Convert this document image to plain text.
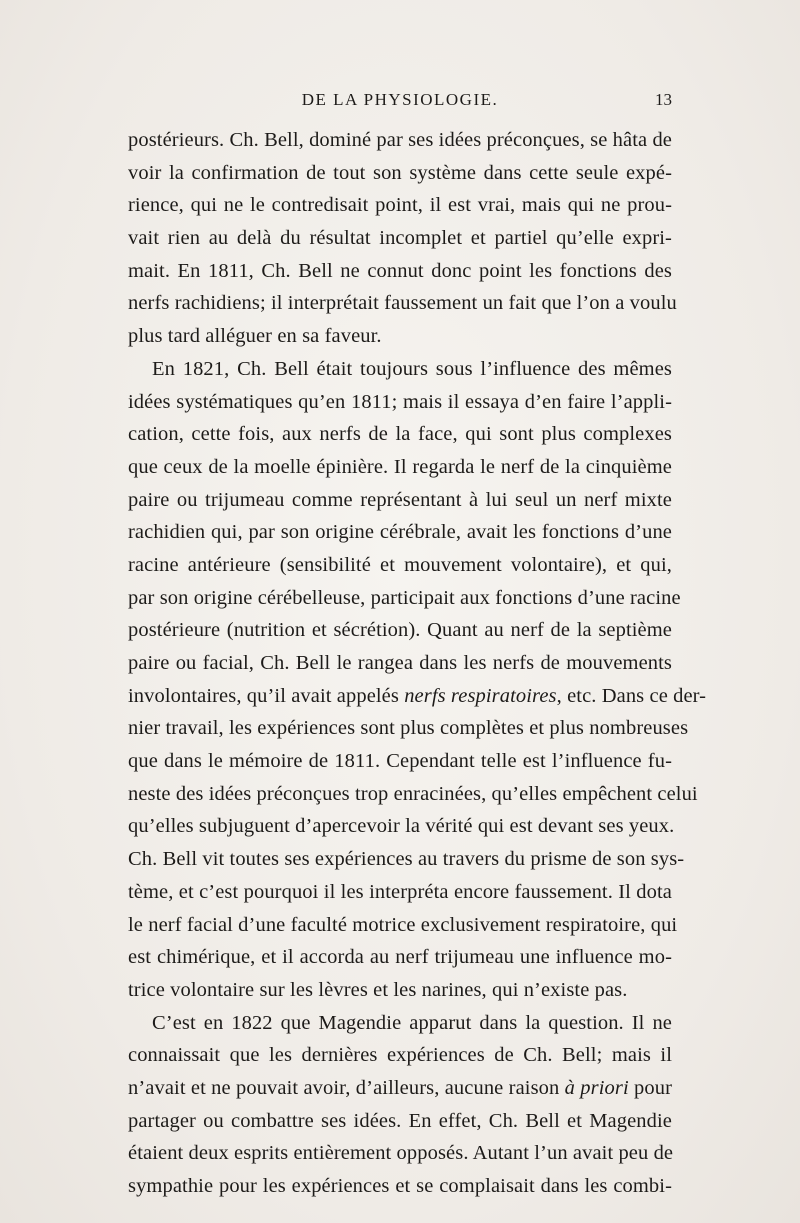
DE LA PHYSIOLOGIE.	13
postérieurs. Ch. Bell, dominé par ses idées préconçues, se hâta de
voir la confirmation de tout son système dans cette seule expé-
rience, qui ne le contredisait point, il est vrai, mais qui ne prou-
vait rien au delà du résultat incomplet et partiel qu’elle expri-
mait. En 1811, Ch. Bell ne connut donc point les fonctions des
nerfs rachidiens; il interprétait faussement un fait que l’on a voulu
plus tard alléguer en sa faveur.
En 1821, Ch. Bell était toujours sous l’influence des mêmes
idées systématiques qu’en 1811; mais il essaya d’en faire l’appli-
cation, cette fois, aux nerfs de la face, qui sont plus complexes
que ceux de la moelle épinière. Il regarda le nerf de la cinquième
paire ou trijumeau comme représentant à lui seul un nerf mixte
rachidien qui, par son origine cérébrale, avait les fonctions d’une
racine antérieure (sensibilité et mouvement volontaire), et qui,
par son origine cérébelleuse, participait aux fonctions d’une racine
postérieure (nutrition et sécrétion). Quant au nerf de la septième
paire ou facial, Ch. Bell le rangea dans les nerfs de mouvements
involontaires, qu’il avait appelés nerfs respiratoires, etc. Dans ce der-
nier travail, les expériences sont plus complètes et plus nombreuses
que dans le mémoire de 1811. Cependant telle est l’influence fu-
neste des idées préconçues trop enracinées, qu’elles empêchent celui
qu’elles subjuguent d’apercevoir la vérité qui est devant ses yeux.
Ch. Bell vit toutes ses expériences au travers du prisme de son sys-
tème, et c’est pourquoi il les interpréta encore faussement. Il dota
le nerf facial d’une faculté motrice exclusivement respiratoire, qui
est chimérique, et il accorda au nerf trijumeau une influence mo-
trice volontaire sur les lèvres et les narines, qui n’existe pas.
C’est en 1822 que Magendie apparut dans la question. Il ne
connaissait que les dernières expériences de Ch. Bell; mais il
n’avait et ne pouvait avoir, d’ailleurs, aucune raison à priori pour
partager ou combattre ses idées. En effet, Ch. Bell et Magendie
étaient deux esprits entièrement opposés. Autant l’un avait peu de
sympathie pour les expériences et se complaisait dans les combi-
